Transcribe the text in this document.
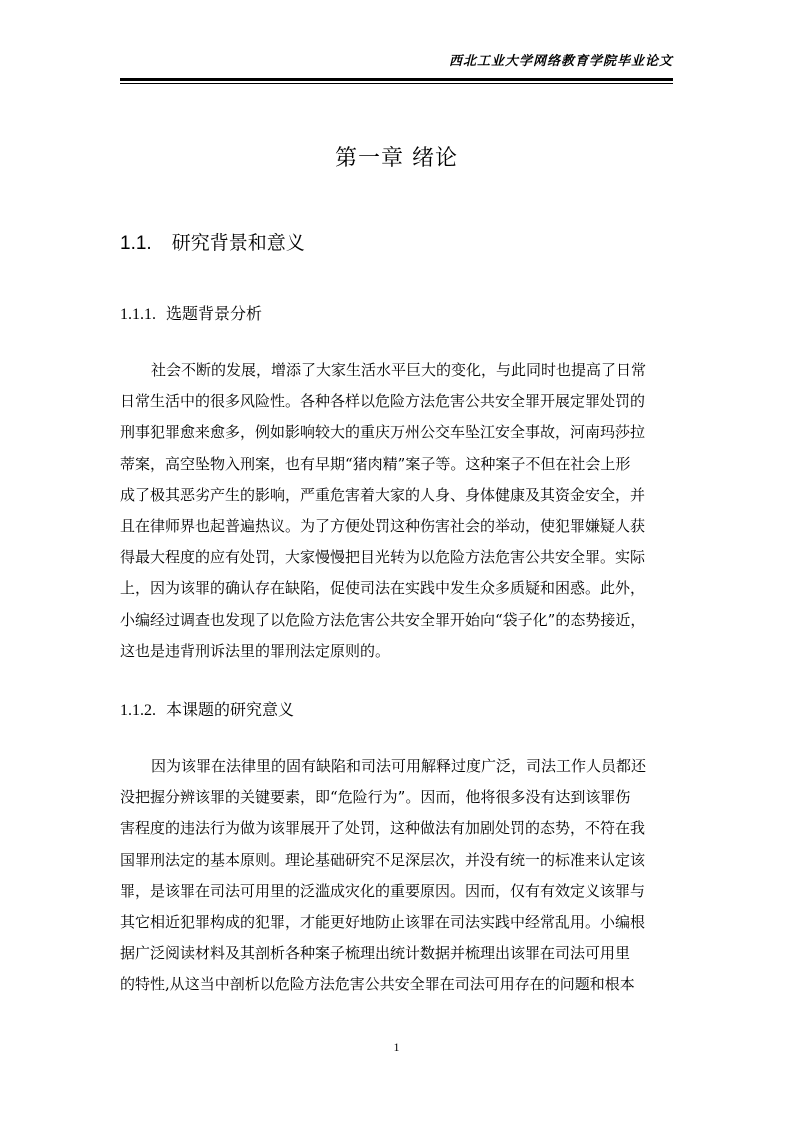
西北工业大学网络教育学院毕业论文
第一章 绪论
1.1. 研究背景和意义
1.1.1. 选题背景分析
社会不断的发展，增添了大家生活水平巨大的变化，与此同时也提高了日常
日常生活中的很多风险性。各种各样以危险方法危害公共安全罪开展定罪处罚的
刑事犯罪愈来愈多，例如影响较大的重庆万州公交车坠江安全事故，河南玛莎拉
蒂案，高空坠物入刑案，也有早期“猪肉精”案子等。这种案子不但在社会上形
成了极其恶劣产生的影响，严重危害着大家的人身、身体健康及其资金安全，并
且在律师界也起普遍热议。为了方便处罚这种伤害社会的举动，使犯罪嫌疑人获
得最大程度的应有处罚，大家慢慢把目光转为以危险方法危害公共安全罪。实际
上，因为该罪的确认存在缺陷，促使司法在实践中发生众多质疑和困惑。此外，
小编经过调查也发现了以危险方法危害公共安全罪开始向“袋子化”的态势接近，
这也是违背刑诉法里的罪刑法定原则的。
1.1.2. 本课题的研究意义
因为该罪在法律里的固有缺陷和司法可用解释过度广泛，司法工作人员都还
没把握分辨该罪的关键要素，即“危险行为”。因而，他将很多没有达到该罪伤
害程度的违法行为做为该罪展开了处罚，这种做法有加剧处罚的态势，不符在我
国罪刑法定的基本原则。理论基础研究不足深层次，并没有统一的标准来认定该
罪，是该罪在司法可用里的泛滥成灾化的重要原因。因而，仅有有效定义该罪与
其它相近犯罪构成的犯罪，才能更好地防止该罪在司法实践中经常乱用。小编根
据广泛阅读材料及其剖析各种案子梳理出统计数据并梳理出该罪在司法可用里
的特性,从这当中剖析以危险方法危害公共安全罪在司法可用存在的问题和根本
1
